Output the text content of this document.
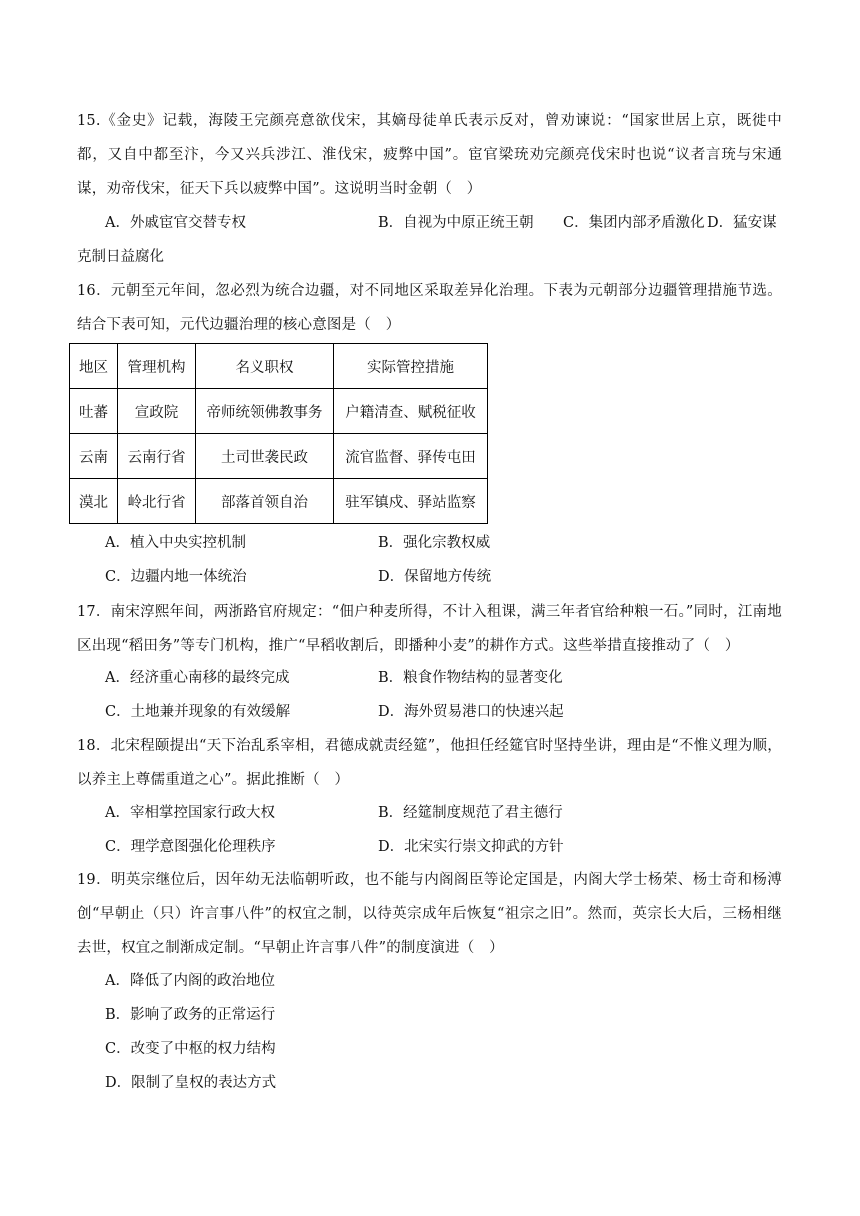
15.《金史》记载，海陵王完颜亮意欲伐宋，其嫡母徒单氏表示反对，曾劝谏说：“国家世居上京，既徙中都，又自中都至汴，今又兴兵涉江、淮伐宋，疲弊中国”。宦官梁珫劝完颜亮伐宋时也说“议者言珫与宋通谋，劝帝伐宋，征天下兵以疲弊中国”。这说明当时金朝（　）
A．外戚宦官交替专权	B．自视为中原正统王朝 C．集团内部矛盾激化 D．猛安谋
克制日益腐化
16．元朝至元年间，忽必烈为统合边疆，对不同地区采取差异化治理。下表为元朝部分边疆管理措施节选。结合下表可知，元代边疆治理的核心意图是（　）
地区	管理机构	名义职权	实际管控措施
吐蕃	宣政院	帝师统领佛教事务	户籍清查、赋税征收
云南	云南行省	土司世袭民政	流官监督、驿传屯田
漠北	岭北行省	部落首领自治	驻军镇戍、驿站监察
A．植入中央实控机制	B．强化宗教权威
C．边疆内地一体统治	D．保留地方传统
17．南宋淳熙年间，两浙路官府规定：“佃户种麦所得，不计入租课，满三年者官给种粮一石。”同时，江南地区出现“稻田务”等专门机构，推广“早稻收割后，即播种小麦”的耕作方式。这些举措直接推动了（　）
A．经济重心南移的最终完成	B．粮食作物结构的显著变化
C．土地兼并现象的有效缓解	D．海外贸易港口的快速兴起
18．北宋程颐提出“天下治乱系宰相，君德成就责经筵”，他担任经筵官时坚持坐讲，理由是“不惟义理为顺，以养主上尊儒重道之心”。据此推断（　）
A．宰相掌控国家行政大权	B．经筵制度规范了君主德行
C．理学意图强化伦理秩序	D．北宋实行崇文抑武的方针
19．明英宗继位后，因年幼无法临朝听政，也不能与内阁阁臣等论定国是，内阁大学士杨荣、杨士奇和杨溥创“早朝止（只）许言事八件”的权宜之制，以待英宗成年后恢复“祖宗之旧”。然而，英宗长大后，三杨相继去世，权宜之制渐成定制。“早朝止许言事八件”的制度演进（　）
A．降低了内阁的政治地位
B．影响了政务的正常运行
C．改变了中枢的权力结构
D．限制了皇权的表达方式
